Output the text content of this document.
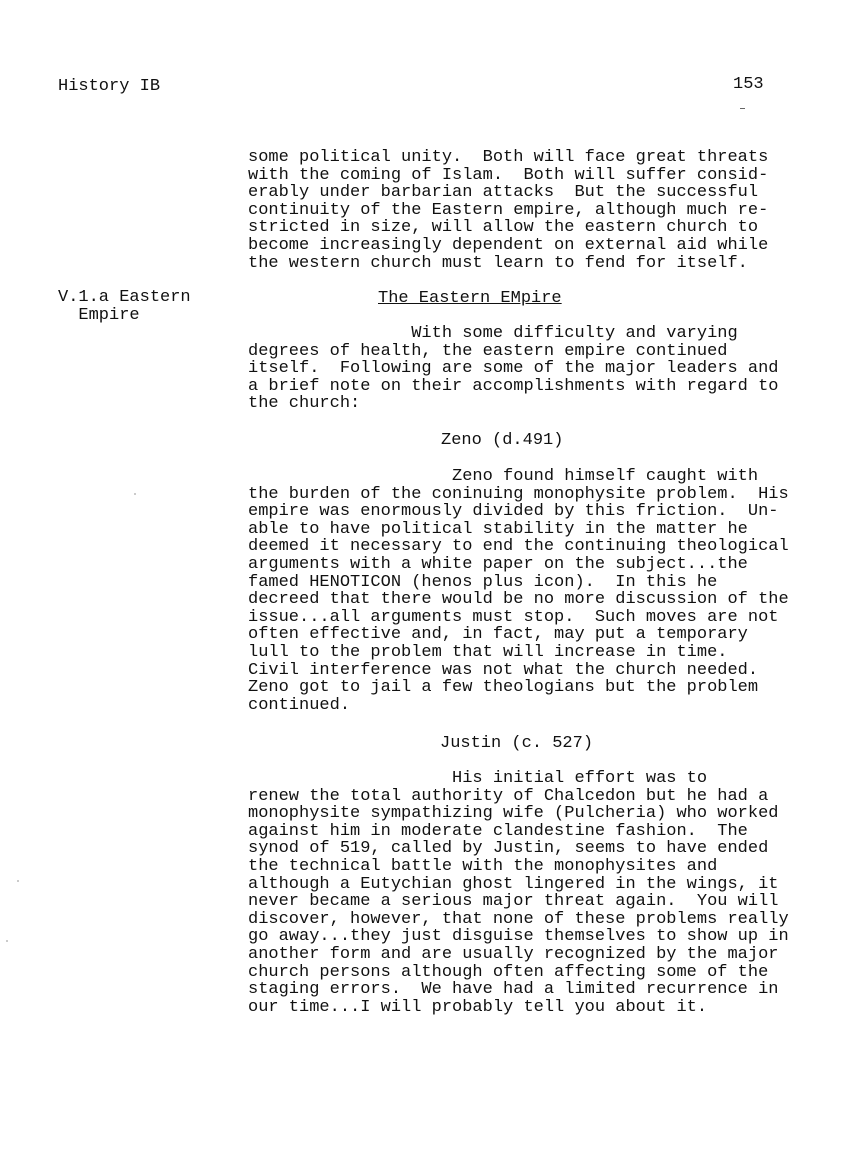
History IB	153
some political unity.  Both will face great threats
with the coming of Islam.  Both will suffer consid-
erably under barbarian attacks  But the successful
continuity of the Eastern empire, although much re-
stricted in size, will allow the eastern church to
become increasingly dependent on external aid while
the western church must learn to fend for itself.
V.1.a Eastern
Empire
The Eastern EMpire
With some difficulty and varying
degrees of health, the eastern empire continued
itself.  Following are some of the major leaders and
a brief note on their accomplishments with regard to
the church:
Zeno (d.491)
Zeno found himself caught with
the burden of the coninuing monophysite problem.  His
empire was enormously divided by this friction.  Un-
able to have political stability in the matter he
deemed it necessary to end the continuing theological
arguments with a white paper on the subject...the
famed HENOTICON (henos plus icon).  In this he
decreed that there would be no more discussion of the
issue...all arguments must stop.  Such moves are not
often effective and, in fact, may put a temporary
lull to the problem that will increase in time.
Civil interference was not what the church needed.
Zeno got to jail a few theologians but the problem
continued.
Justin (c. 527)
His initial effort was to
renew the total authority of Chalcedon but he had a
monophysite sympathizing wife (Pulcheria) who worked
against him in moderate clandestine fashion.  The
synod of 519, called by Justin, seems to have ended
the technical battle with the monophysites and
although a Eutychian ghost lingered in the wings, it
never became a serious major threat again.  You will
discover, however, that none of these problems really
go away...they just disguise themselves to show up in
another form and are usually recognized by the major
church persons although often affecting some of the
staging errors.  We have had a limited recurrence in
our time...I will probably tell you about it.
